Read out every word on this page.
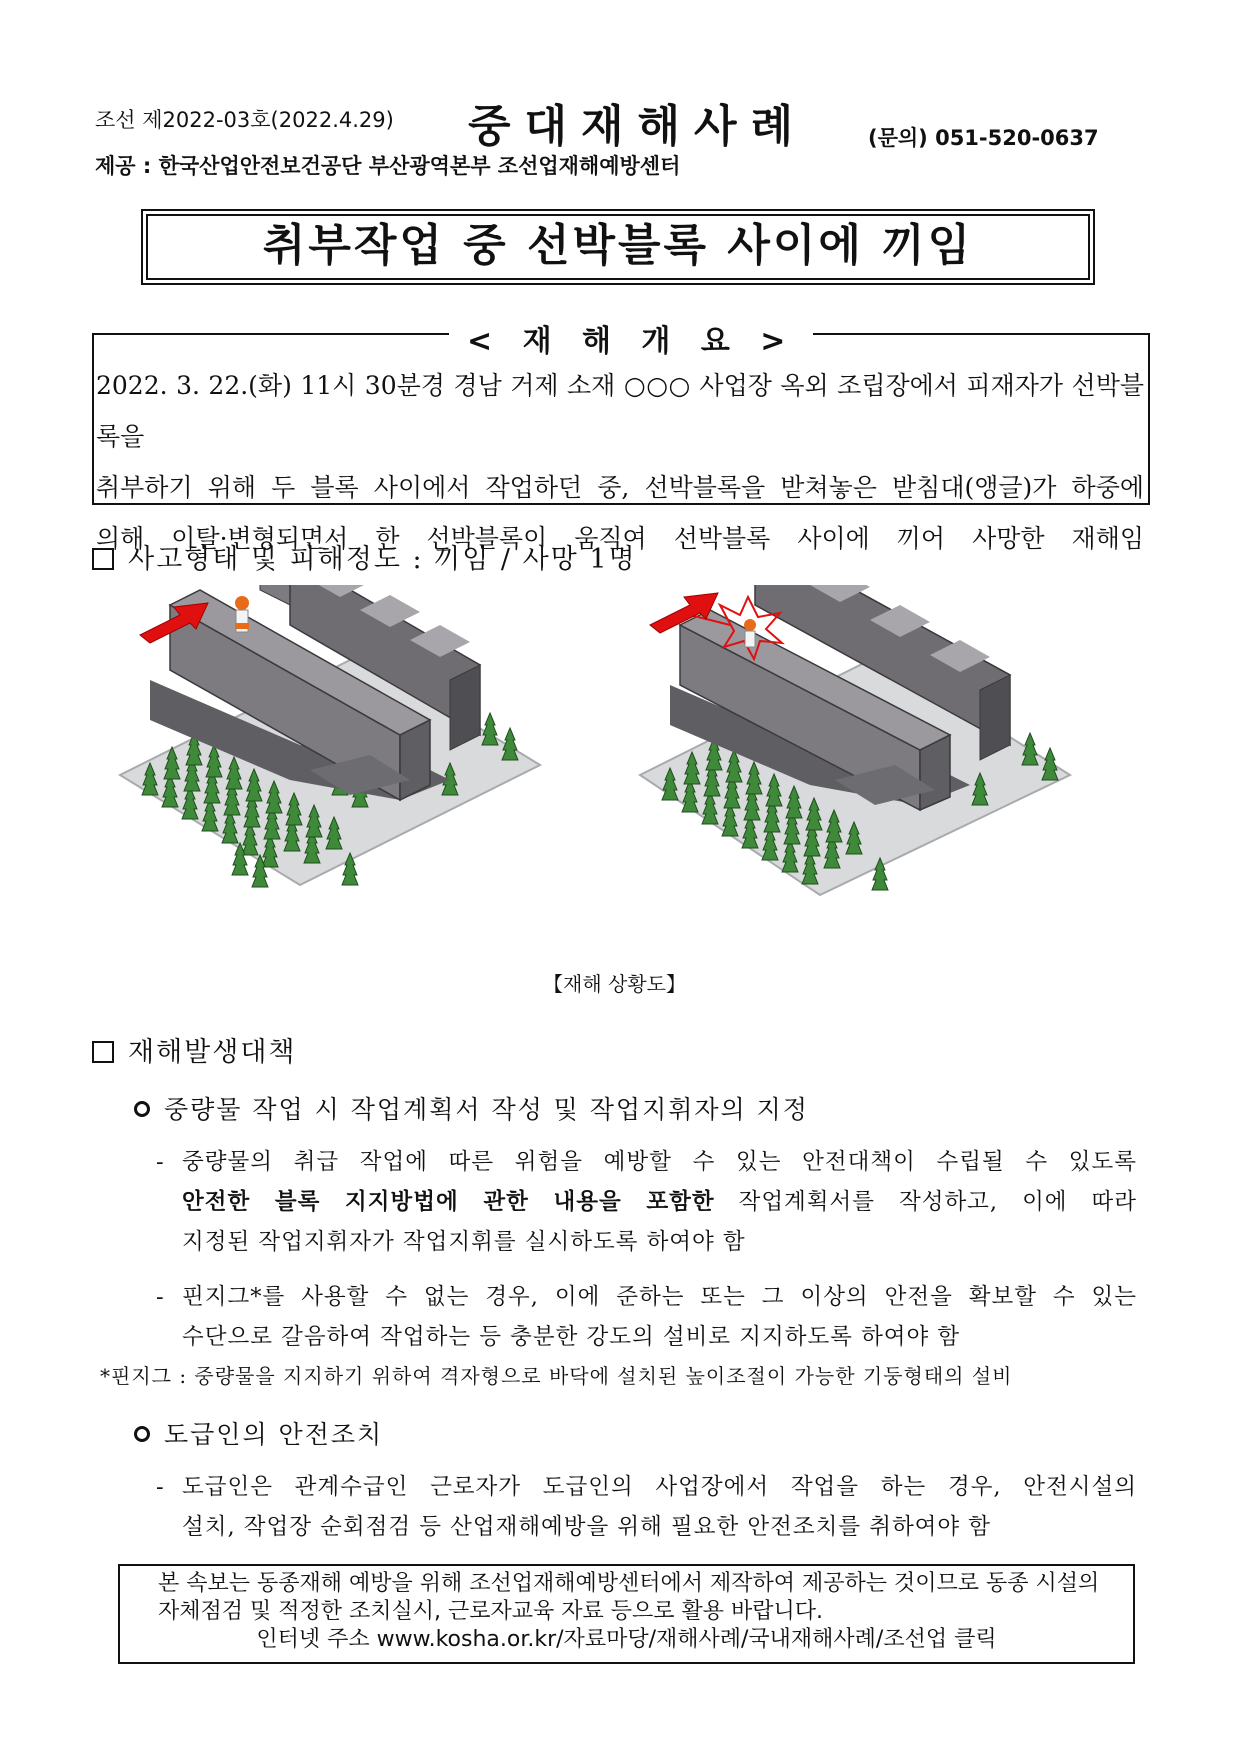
조선 제2022-03호(2022.4.29) 중대재해사례	(문의) 051-520-0637
제공 : 한국산업안전보건공단 부산광역본부 조선업재해예방센터
취부작업 중 선박블록 사이에 끼임
< 재 해 개 요 >
2022. 3. 22.(화) 11시 30분경 경남 거제 소재 ○○○ 사업장 옥외 조립장에서 피재자가 선박블록을
취부하기 위해 두 블록 사이에서 작업하던 중, 선박블록을 받쳐놓은 받침대(앵글)가 하중에
의해 이탈·변형되면서 한 선박블록이 움직여 선박블록 사이에 끼어 사망한 재해임
사고형태 및 피해정도 : 끼임 / 사망 1명
【재해 상황도】
재해발생대책
중량물 작업 시 작업계획서 작성 및 작업지휘자의 지정
- 중량물의 취급 작업에 따른 위험을 예방할 수 있는 안전대책이 수립될 수 있도록
안전한 블록 지지방법에 관한 내용을 포함한 작업계획서를 작성하고, 이에 따라
지정된 작업지휘자가 작업지휘를 실시하도록 하여야 함
- 핀지그*를 사용할 수 없는 경우, 이에 준하는 또는 그 이상의 안전을 확보할 수 있는
수단으로 갈음하여 작업하는 등 충분한 강도의 설비로 지지하도록 하여야 함
*핀지그 : 중량물을 지지하기 위하여 격자형으로 바닥에 설치된 높이조절이 가능한 기둥형태의 설비
도급인의 안전조치
- 도급인은 관계수급인 근로자가 도급인의 사업장에서 작업을 하는 경우, 안전시설의
설치, 작업장 순회점검 등 산업재해예방을 위해 필요한 안전조치를 취하여야 함
본 속보는 동종재해 예방을 위해 조선업재해예방센터에서 제작하여 제공하는 것이므로 동종 시설의
자체점검 및 적정한 조치실시, 근로자교육 자료 등으로 활용 바랍니다.
인터넷 주소 www.kosha.or.kr/자료마당/재해사례/국내재해사례/조선업 클릭
